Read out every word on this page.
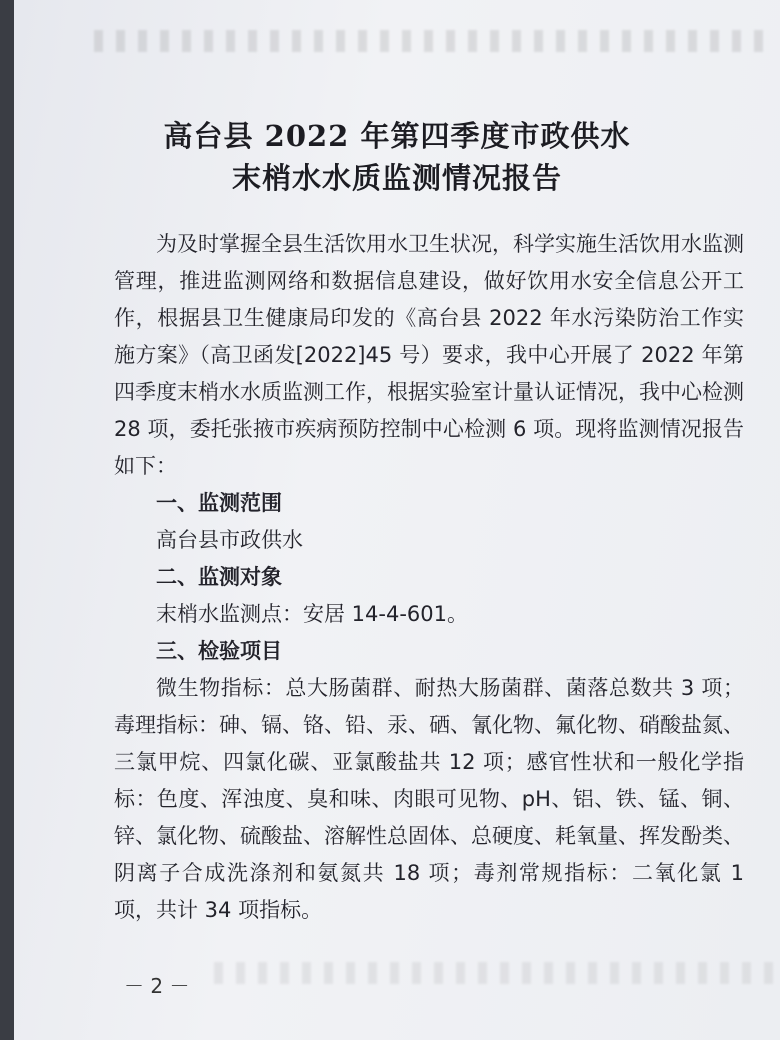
高台县 2022 年第四季度市政供水
末梢水水质监测情况报告

为及时掌握全县生活饮用水卫生状况，科学实施生活饮用水监测管理，推进监测网络和数据信息建设，做好饮用水安全信息公开工作，根据县卫生健康局印发的《高台县 2022 年水污染防治工作实施方案》（高卫函发[2022]45 号）要求，我中心开展了 2022 年第四季度末梢水水质监测工作，根据实验室计量认证情况，我中心检测 28 项，委托张掖市疾病预防控制中心检测 6 项。现将监测情况报告如下：

一、监测范围

高台县市政供水

二、监测对象

末梢水监测点：安居 14-4-601。

三、检验项目

微生物指标：总大肠菌群、耐热大肠菌群、菌落总数共 3 项；毒理指标：砷、镉、铬、铅、汞、硒、氰化物、氟化物、硝酸盐氮、三氯甲烷、四氯化碳、亚氯酸盐共 12 项；感官性状和一般化学指标：色度、浑浊度、臭和味、肉眼可见物、pH、铝、铁、锰、铜、锌、氯化物、硫酸盐、溶解性总固体、总硬度、耗氧量、挥发酚类、阴离子合成洗涤剂和氨氮共 18 项；毒剂常规指标：二氧化氯 1 项，共计 34 项指标。

－ 2 －
